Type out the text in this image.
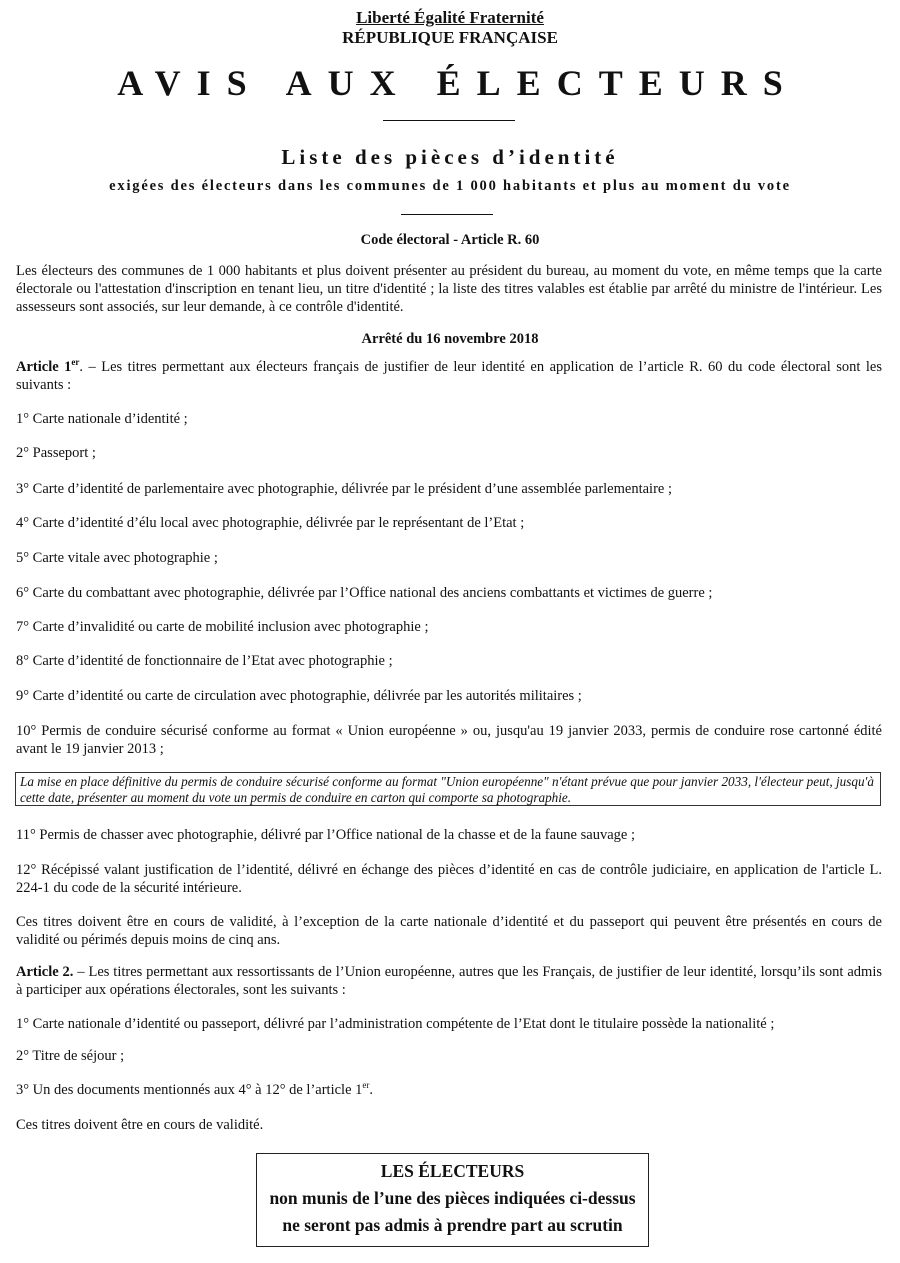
Liberté Égalité Fraternité
RÉPUBLIQUE FRANÇAISE
AVIS AUX ÉLECTEURS
Liste des pièces d’identité
exigées des électeurs dans les communes de 1 000 habitants et plus au moment du vote
Code électoral - Article R. 60
Les électeurs des communes de 1 000 habitants et plus doivent présenter au président du bureau, au moment du vote, en même temps que la carte électorale ou l'attestation d'inscription en tenant lieu, un titre d'identité ; la liste des titres valables est établie par arrêté du ministre de l'intérieur. Les assesseurs sont associés, sur leur demande, à ce contrôle d'identité.
Arrêté du 16 novembre 2018
Article 1er. – Les titres permettant aux électeurs français de justifier de leur identité en application de l’article R. 60 du code électoral sont les suivants :
1° Carte nationale d’identité ;
2° Passeport ;
3° Carte d’identité de parlementaire avec photographie, délivrée par le président d’une assemblée parlementaire ;
4° Carte d’identité d’élu local avec photographie, délivrée par le représentant de l’Etat ;
5° Carte vitale avec photographie ;
6° Carte du combattant avec photographie, délivrée par l’Office national des anciens combattants et victimes de guerre ;
7° Carte d’invalidité ou carte de mobilité inclusion avec photographie ;
8° Carte d’identité de fonctionnaire de l’Etat avec photographie ;
9° Carte d’identité ou carte de circulation avec photographie, délivrée par les autorités militaires ;
10° Permis de conduire sécurisé conforme au format « Union européenne » ou, jusqu'au 19 janvier 2033, permis de conduire rose cartonné édité avant le 19 janvier 2013 ;
La mise en place définitive du permis de conduire sécurisé conforme au format "Union européenne" n'étant prévue que pour janvier 2033, l'électeur peut, jusqu'à cette date, présenter au moment du vote un permis de conduire en carton qui comporte sa photographie.
11° Permis de chasser avec photographie, délivré par l’Office national de la chasse et de la faune sauvage ;
12° Récépissé valant justification de l’identité, délivré en échange des pièces d’identité en cas de contrôle judiciaire, en application de l'article L. 224-1 du code de la sécurité intérieure.
Ces titres doivent être en cours de validité, à l’exception de la carte nationale d’identité et du passeport qui peuvent être présentés en cours de validité ou périmés depuis moins de cinq ans.
Article 2. – Les titres permettant aux ressortissants de l’Union européenne, autres que les Français, de justifier de leur identité, lorsqu’ils sont admis à participer aux opérations électorales, sont les suivants :
1° Carte nationale d’identité ou passeport, délivré par l’administration compétente de l’Etat dont le titulaire possède la nationalité ;
2° Titre de séjour ;
3° Un des documents mentionnés aux 4° à 12° de l’article 1er.
Ces titres doivent être en cours de validité.
LES ÉLECTEURS
non munis de l’une des pièces indiquées ci-dessus
ne seront pas admis à prendre part au scrutin
